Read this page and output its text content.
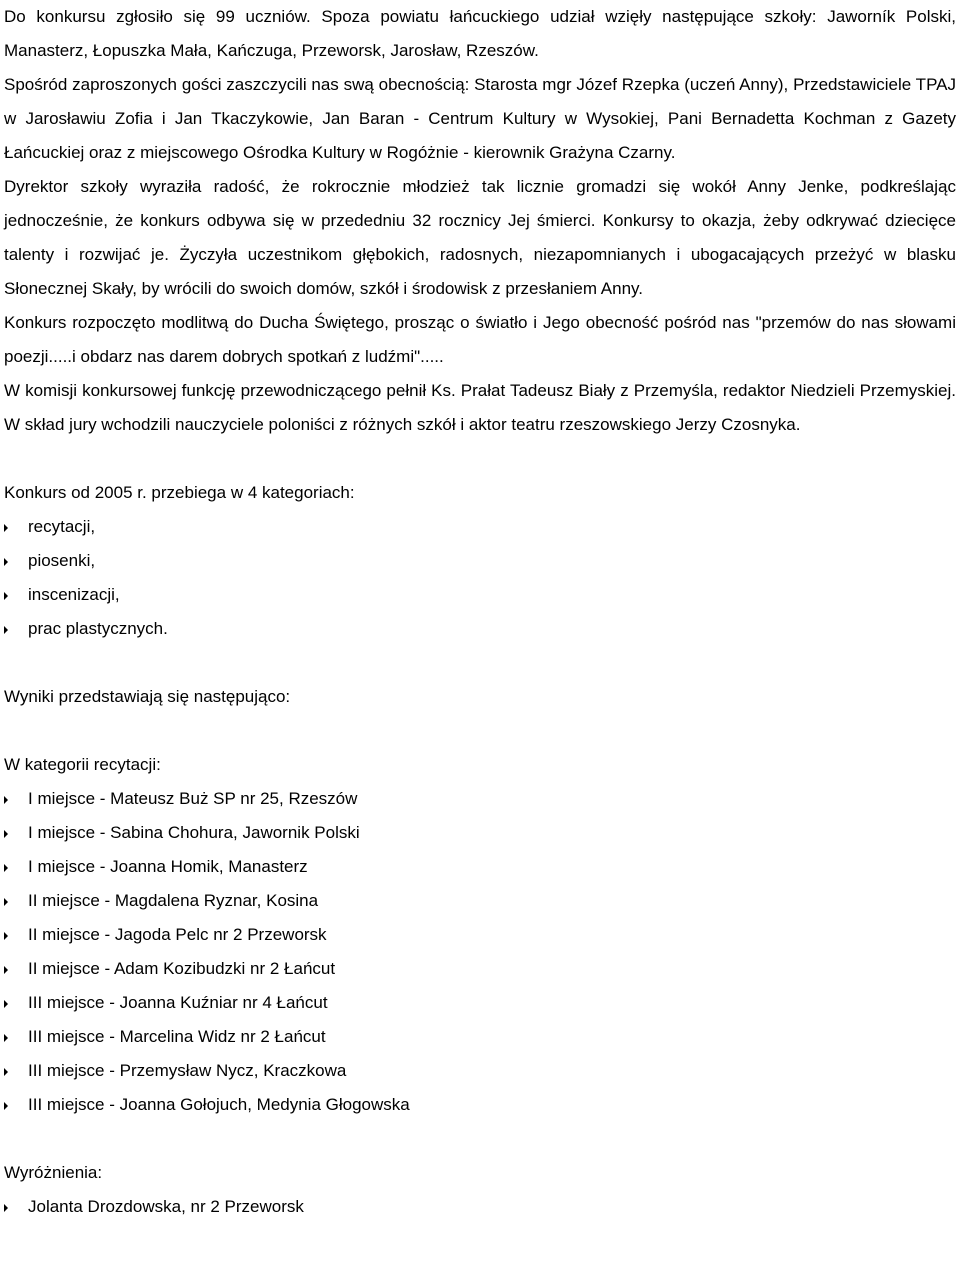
Do konkursu zgłosiło się 99 uczniów. Spoza powiatu łańcuckiego udział wzięły następujące szkoły: Jaworník Polski, Manasterz, Łopuszka Mała, Kańczuga, Przeworsk, Jarosław, Rzeszów.

Spośród zaproszonych gości zaszczycili nas swą obecnością: Starosta mgr Józef Rzepka (uczeń Anny), Przedstawiciele TPAJ w Jarosławiu Zofia i Jan Tkaczykowie, Jan Baran - Centrum Kultury w Wysokiej, Pani Bernadetta Kochman z Gazety Łańcuckiej oraz z miejscowego Ośrodka Kultury w Rogóżnie - kierownik Grażyna Czarny.

Dyrektor szkoły wyraziła radość, że rokrocznie młodzież tak licznie gromadzi się wokół Anny Jenke, podkreślając jednocześnie, że konkurs odbywa się w przededniu 32 rocznicy Jej śmierci. Konkursy to okazja, żeby odkrywać dziecięce talenty i rozwijać je. Życzyła uczestnikom głębokich, radosnych, niezapomnianych i ubogacających przeżyć w blasku Słonecznej Skały, by wrócili do swoich domów, szkół i środowisk z przesłaniem Anny.

Konkurs rozpoczęto modlitwą do Ducha Świętego, prosząc o światło i Jego obecność pośród nas "przemów do nas słowami poezji.....i obdarz nas darem dobrych spotkań z ludźmi".....

W komisji konkursowej funkcję przewodniczącego pełnił Ks. Prałat Tadeusz Biały z Przemyśla, redaktor Niedzieli Przemyskiej. W skład jury wchodzili nauczyciele poloniści z różnych szkół i aktor teatru rzeszowskiego Jerzy Czosnyka.

Konkurs od 2005 r. przebiega w 4 kategoriach:

recytacji,
piosenki,
inscenizacji,
prac plastycznych.

Wyniki przedstawiają się następująco:

W kategorii recytacji:

I miejsce - Mateusz Buż SP nr 25, Rzeszów
I miejsce - Sabina Chohura, Jawornik Polski
I miejsce - Joanna Homik, Manasterz
II miejsce - Magdalena Ryznar, Kosina
II miejsce - Jagoda Pelc nr 2 Przeworsk
II miejsce - Adam Kozibudzki nr 2 Łańcut
III miejsce - Joanna Kuźniar nr 4 Łańcut
III miejsce - Marcelina Widz nr 2 Łańcut
III miejsce - Przemysław Nycz, Kraczkowa
III miejsce - Joanna Gołojuch, Medynia Głogowska

Wyróżnienia:

Jolanta Drozdowska, nr 2 Przeworsk
